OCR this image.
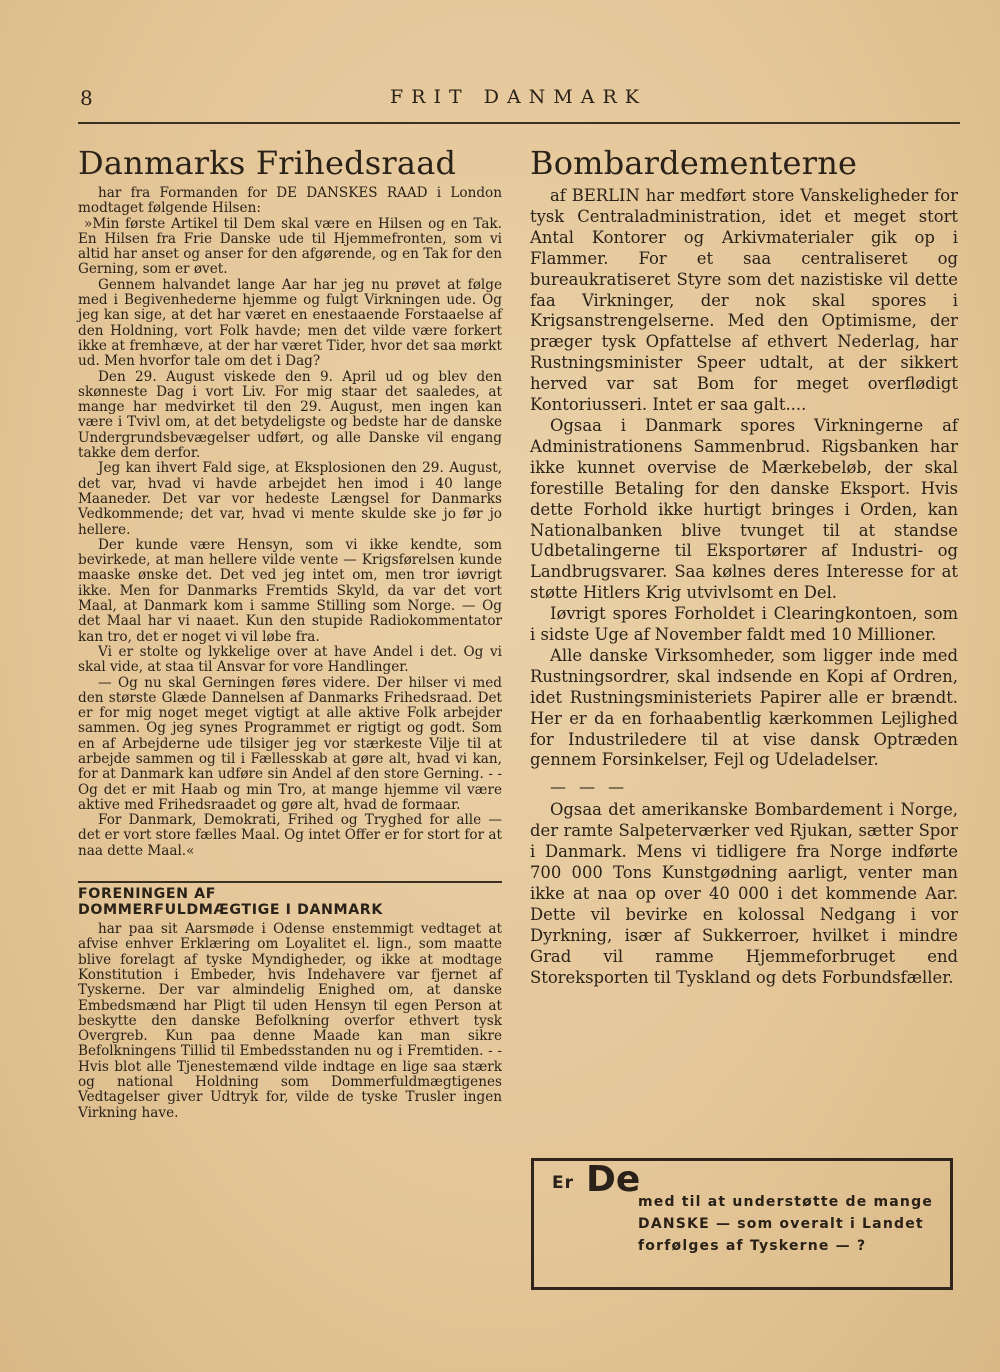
8	FRIT DANMARK
Danmarks Frihedsraad

har fra Formanden for DE DANSKES RAAD i London modtaget følgende Hilsen:

»Min første Artikel til Dem skal være en Hilsen og en Tak. En Hilsen fra Frie Danske ude til Hjemmefronten, som vi altid har anset og anser for den afgørende, og en Tak for den Gerning, som er øvet.

Gennem halvandet lange Aar har jeg nu prøvet at følge med i Begivenhederne hjemme og fulgt Virkningen ude. Og jeg kan sige, at det har været en enestaaende Forstaaelse af den Holdning, vort Folk havde; men det vilde være forkert ikke at fremhæve, at der har været Tider, hvor det saa mørkt ud. Men hvorfor tale om det i Dag?

Den 29. August viskede den 9. April ud og blev den skønneste Dag i vort Liv. For mig staar det saaledes, at mange har medvirket til den 29. August, men ingen kan være i Tvivl om, at det betydeligste og bedste har de danske Undergrundsbevægelser udført, og alle Danske vil engang takke dem derfor.

Jeg kan ihvert Fald sige, at Eksplosionen den 29. August, det var, hvad vi havde arbejdet hen imod i 40 lange Maaneder. Det var vor hedeste Længsel for Danmarks Vedkommende; det var, hvad vi mente skulde ske jo før jo hellere.

Der kunde være Hensyn, som vi ikke kendte, som bevirkede, at man hellere vilde vente — Krigsførelsen kunde maaske ønske det. Det ved jeg intet om, men tror iøvrigt ikke. Men for Danmarks Fremtids Skyld, da var det vort Maal, at Danmark kom i samme Stilling som Norge. — Og det Maal har vi naaet. Kun den stupide Radiokommentator kan tro, det er noget vi vil løbe fra.

Vi er stolte og lykkelige over at have Andel i det. Og vi skal vide, at staa til Ansvar for vore Handlinger.

— Og nu skal Gerningen føres videre. Der hilser vi med den største Glæde Dannelsen af Danmarks Frihedsraad. Det er for mig noget meget vigtigt at alle aktive Folk arbejder sammen. Og jeg synes Programmet er rigtigt og godt. Som en af Arbejderne ude tilsiger jeg vor stærkeste Vilje til at arbejde sammen og til i Fællesskab at gøre alt, hvad vi kan, for at Danmark kan udføre sin Andel af den store Gerning. - - Og det er mit Haab og min Tro, at mange hjemme vil være aktive med Frihedsraadet og gøre alt, hvad de formaar.

For Danmark, Demokrati, Frihed og Tryghed for alle — det er vort store fælles Maal. Og intet Offer er for stort for at naa dette Maal.«

FORENINGEN AF
DOMMERFULDMÆGTIGE I DANMARK

har paa sit Aarsmøde i Odense enstemmigt vedtaget at afvise enhver Erklæring om Loyalitet el. lign., som maatte blive forelagt af tyske Myndigheder, og ikke at modtage Konstitution i Embeder, hvis Indehavere var fjernet af Tyskerne. Der var almindelig Enighed om, at danske Embedsmænd har Pligt til uden Hensyn til egen Person at beskytte den danske Befolkning overfor ethvert tysk Overgreb. Kun paa denne Maade kan man sikre Befolkningens Tillid til Embedsstanden nu og i Fremtiden. - - Hvis blot alle Tjenestemænd vilde indtage en lige saa stærk og national Holdning som Dommerfuldmægtigenes Vedtagelser giver Udtryk for, vilde de tyske Trusler ingen Virkning have.

Bombardementerne

af BERLIN har medført store Vanskeligheder for tysk Centraladministration, idet et meget stort Antal Kontorer og Arkivmaterialer gik op i Flammer. For et saa centraliseret og bureaukratiseret Styre som det nazistiske vil dette faa Virkninger, der nok skal spores i Krigsanstrengelserne. Med den Optimisme, der præger tysk Opfattelse af ethvert Nederlag, har Rustningsminister Speer udtalt, at der sikkert herved var sat Bom for meget overflødigt Kontoriusseri. Intet er saa galt....

Ogsaa i Danmark spores Virkningerne af Administrationens Sammenbrud. Rigsbanken har ikke kunnet overvise de Mærkebeløb, der skal forestille Betaling for den danske Eksport. Hvis dette Forhold ikke hurtigt bringes i Orden, kan Nationalbanken blive tvunget til at standse Udbetalingerne til Eksportører af Industri- og Landbrugsvarer. Saa kølnes deres Interesse for at støtte Hitlers Krig utvivlsomt en Del.

Iøvrigt spores Forholdet i Clearingkontoen, som i sidste Uge af November faldt med 10 Millioner.

Alle danske Virksomheder, som ligger inde med Rustningsordrer, skal indsende en Kopi af Ordren, idet Rustningsministeriets Papirer alle er brændt. Her er da en forhaabentlig kærkommen Lejlighed for Industriledere til at vise dansk Optræden gennem Forsinkelser, Fejl og Udeladelser.

— — —

Ogsaa det amerikanske Bombardement i Norge, der ramte Salpeterværker ved Rjukan, sætter Spor i Danmark. Mens vi tidligere fra Norge indførte 700 000 Tons Kunstgødning aarligt, venter man ikke at naa op over 40 000 i det kommende Aar. Dette vil bevirke en kolossal Nedgang i vor Dyrkning, især af Sukkerroer, hvilket i mindre Grad vil ramme Hjemmeforbruget end Storeksporten til Tyskland og dets Forbundsfæller.

Er De
med til at understøtte de mange DANSKE — som overalt i Landet forfølges af Tyskerne — ?
